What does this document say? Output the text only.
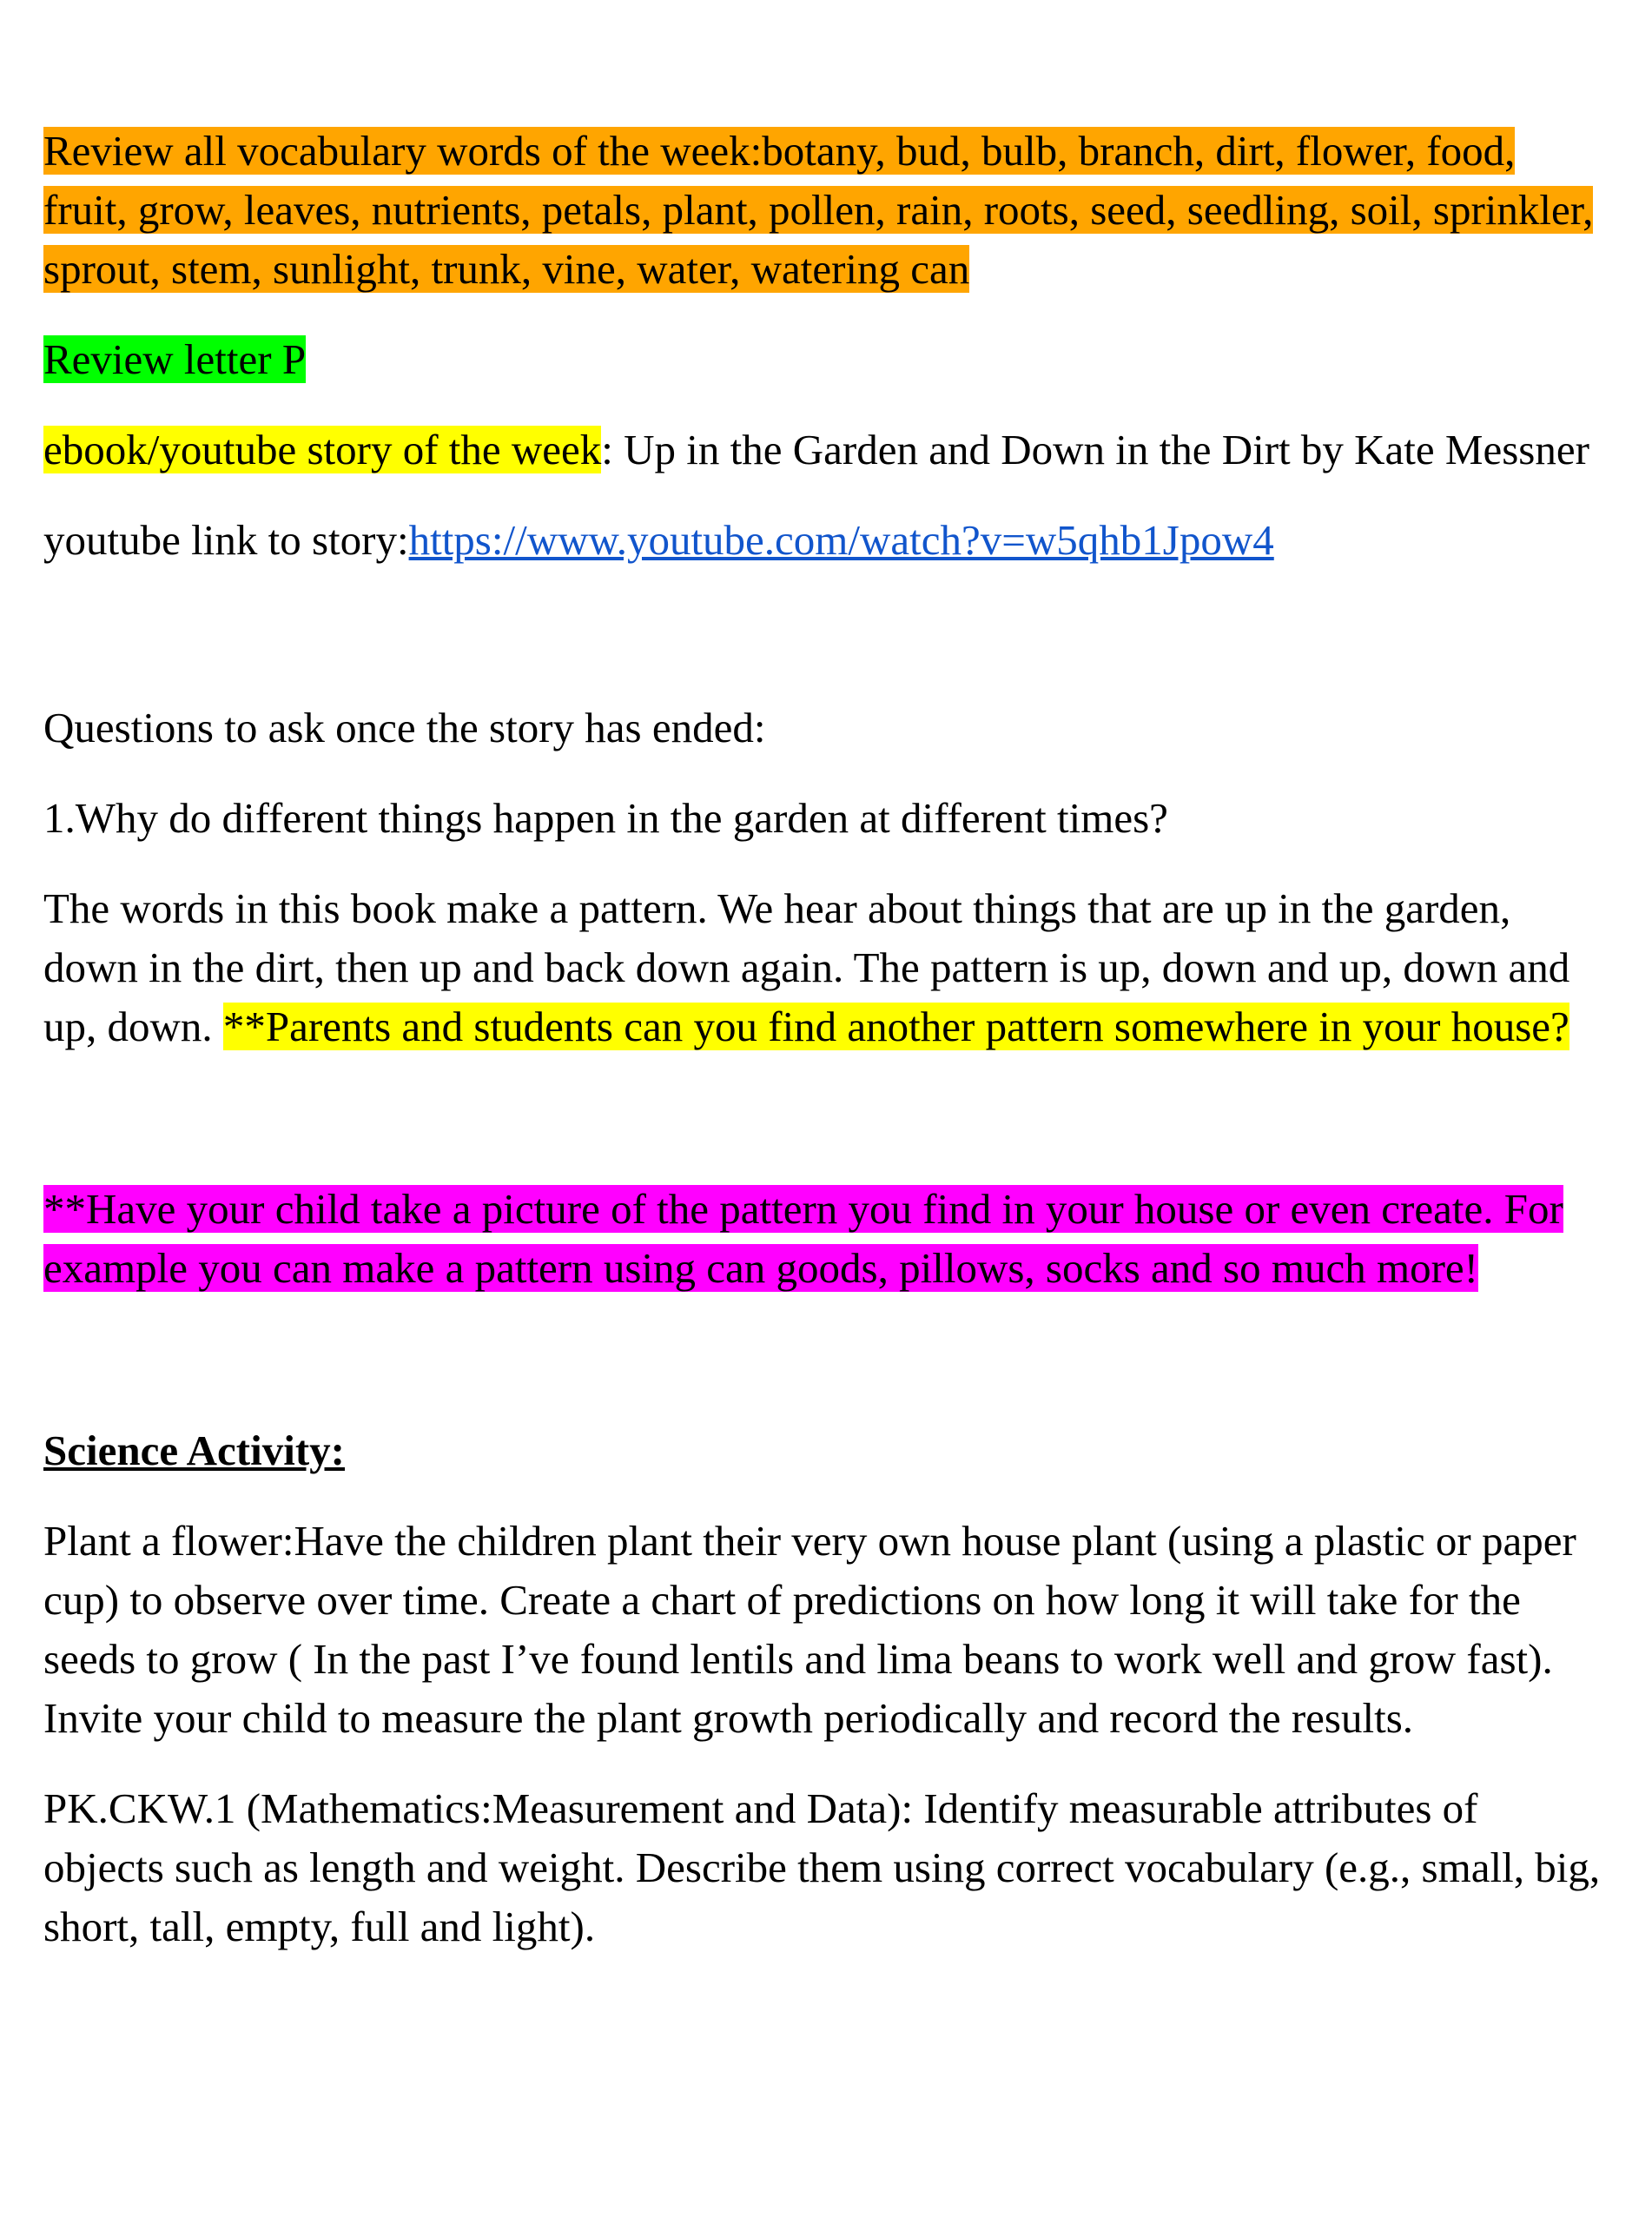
Review all vocabulary words of the week:botany, bud, bulb, branch, dirt, flower, food, fruit, grow, leaves, nutrients, petals, plant, pollen, rain, roots, seed, seedling, soil, sprinkler, sprout, stem, sunlight, trunk, vine, water, watering can

Review letter P

ebook/youtube story of the week: Up in the Garden and Down in the Dirt by Kate Messner

youtube link to story:https://www.youtube.com/watch?v=w5qhb1Jpow4

Questions to ask once the story has ended:

1.Why do different things happen in the garden at different times?

The words in this book make a pattern. We hear about things that are up in the garden, down in the dirt, then up and back down again. The pattern is up, down and up, down and up, down. **Parents and students can you find another pattern somewhere in your house?

**Have your child take a picture of the pattern you find in your house or even create. For example you can make a pattern using can goods, pillows, socks and so much more!

Science Activity:

Plant a flower:Have the children plant their very own house plant (using a plastic or paper cup) to observe over time. Create a chart of predictions on how long it will take for the seeds to grow ( In the past I’ve found lentils and lima beans to work well and grow fast). Invite your child to measure the plant growth periodically and record the results.

PK.CKW.1 (Mathematics:Measurement and Data): Identify measurable attributes of objects such as length and weight. Describe them using correct vocabulary (e.g., small, big, short, tall, empty, full and light).
